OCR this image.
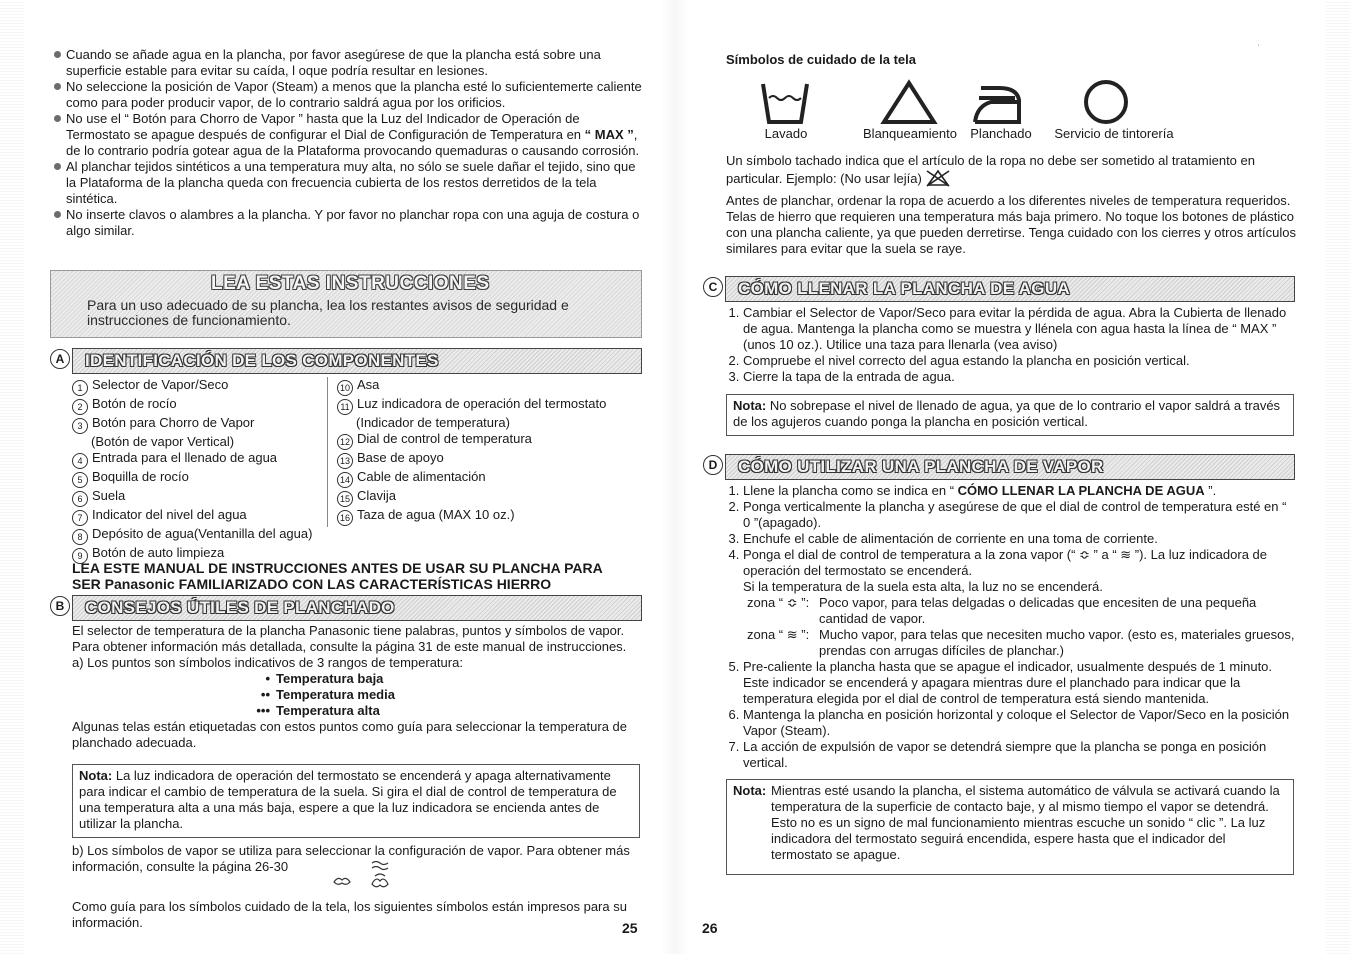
Cuando se añade agua en la plancha, por favor asegúrese de que la plancha está sobre una superficie estable para evitar su caída, l oque podría resultar en lesiones.
No seleccione la posición de Vapor (Steam) a menos que la plancha esté lo suficientemerte caliente como para poder producir vapor, de lo contrario saldrá agua por los orificios.
No use el “ Botón para Chorro de Vapor ” hasta que la Luz del Indicador de Operación de Termostato se apague después de configurar el Dial de Configuración de Temperatura en “ MAX ”, de lo contrario podría gotear agua de la Plataforma provocando quemaduras o causando corrosión.
Al planchar tejidos sintéticos a una temperatura muy alta, no sólo se suele dañar el tejido, sino que la Plataforma de la plancha queda con frecuencia cubierta de los restos derretidos de la tela sintética.
No inserte clavos o alambres a la plancha. Y por favor no planchar ropa con una aguja de costura o algo similar.
LEA ESTAS INSTRUCCIONES
Para un uso adecuado de su plancha, lea los restantes avisos de seguridad e instrucciones de funcionamiento.
A	IDENTIFICACIÓN DE LOS COMPONENTES
1 Selector de Vapor/Seco
2 Botón de rocío
3 Botón para Chorro de Vapor
(Botón de vapor Vertical)
4 Entrada para el llenado de agua
5 Boquilla de rocío
6 Suela
7 Indicator del nivel del agua
8 Depósito de agua(Ventanilla del agua)
9 Botón de auto limpieza
10 Asa
11 Luz indicadora de operación del termostato
(Indicador de temperatura)
12 Dial de control de temperatura
13 Base de apoyo
14 Cable de alimentación
15 Clavija
16 Taza de agua (MAX 10 oz.)
LEA ESTE MANUAL DE INSTRUCCIONES ANTES DE USAR SU PLANCHA PARA
SER Panasonic FAMILIARIZADO CON LAS CARACTERÍSTICAS HIERRO
B	CONSEJOS ÚTILES DE PLANCHADO
El selector de temperatura de la plancha Panasonic tiene palabras, puntos y símbolos de vapor.
Para obtener información más detallada, consulte la página 31 de este manual de instrucciones.
a) Los puntos son símbolos indicativos de 3 rangos de temperatura:
• Temperatura baja
•• Temperatura media
••• Temperatura alta
Algunas telas están etiquetadas con estos puntos como guía para seleccionar la temperatura de planchado adecuada.
Nota: La luz indicadora de operación del termostato se encenderá y apaga alternativamente para indicar el cambio de temperatura de la suela. Si gira el dial de control de temperatura de una temperatura alta a una más baja, espere a que la luz indicadora se encienda antes de utilizar la plancha.
b) Los símbolos de vapor se utiliza para seleccionar la configuración de vapor. Para obtener más información, consulte la página 26-30
Como guía para los símbolos cuidado de la tela, los siguientes símbolos están impresos para su información.	25
Símbolos de cuidado de la tela
ˈ
Lavado	Blanqueamiento	Planchado	Servicio de tintorería
Un símbolo tachado indica que el artículo de la ropa no debe ser sometido al tratamiento en particular. Ejemplo: (No usar lejía)
Antes de planchar, ordenar la ropa de acuerdo a los diferentes niveles de temperatura requeridos. Telas de hierro que requieren una temperatura más baja primero. No toque los botones de plástico con una plancha caliente, ya que pueden derretirse. Tenga cuidado con los cierres y otros artículos similares para evitar que la suela se raye.
C	CÓMO LLENAR LA PLANCHA DE AGUA
1. Cambiar el Selector de Vapor/Seco para evitar la pérdida de agua. Abra la Cubierta de llenado de agua. Mantenga la plancha como se muestra y llénela con agua hasta la línea de “ MAX ” (unos 10 oz.). Utilice una taza para llenarla (vea aviso)
2. Compruebe el nivel correcto del agua estando la plancha en posición vertical.
3. Cierre la tapa de la entrada de agua.
Nota: No sobrepase el nivel de llenado de agua, ya que de lo contrario el vapor saldrá a través de los agujeros cuando ponga la plancha en posición vertical.
D	CÓMO UTILIZAR UNA PLANCHA DE VAPOR
1. Llene la plancha como se indica en “ CÓMO LLENAR LA PLANCHA DE AGUA ”.
2. Ponga verticalmente la plancha y asegúrese de que el dial de control de temperatura esté en “ 0 ”(apagado).
3. Enchufe el cable de alimentación de corriente en una toma de corriente.
4. Ponga el dial de control de temperatura a la zona vapor (“ ≎ ” a “ ≋ ”). La luz indicadora de operación del termostato se encenderá.
Si la temperatura de la suela esta alta, la luz no se encenderá.
zona “ ≎ ”: Poco vapor, para telas delgadas o delicadas que encesiten de una pequeña cantidad de vapor.
zona “ ≋ ”: Mucho vapor, para telas que necesiten mucho vapor. (esto es, materiales gruesos, prendas con arrugas difíciles de planchar.)
5. Pre-caliente la plancha hasta que se apague el indicador, usualmente después de 1 minuto. Este indicador se encenderá y apagara mientras dure el planchado para indicar que la temperatura elegida por el dial de control de temperatura está siendo mantenida.
6. Mantenga la plancha en posición horizontal y coloque el Selector de Vapor/Seco en la posición Vapor (Steam).
7. La acción de expulsión de vapor se detendrá siempre que la plancha se ponga en posición vertical.
Nota: Mientras esté usando la plancha, el sistema automático de válvula se activará cuando la temperatura de la superficie de contacto baje, y al mismo tiempo el vapor se detendrá. Esto no es un signo de mal funcionamiento mientras escuche un sonido “ clic ”. La luz indicadora del termostato seguirá encendida, espere hasta que el indicador del termostato se apague.
26
